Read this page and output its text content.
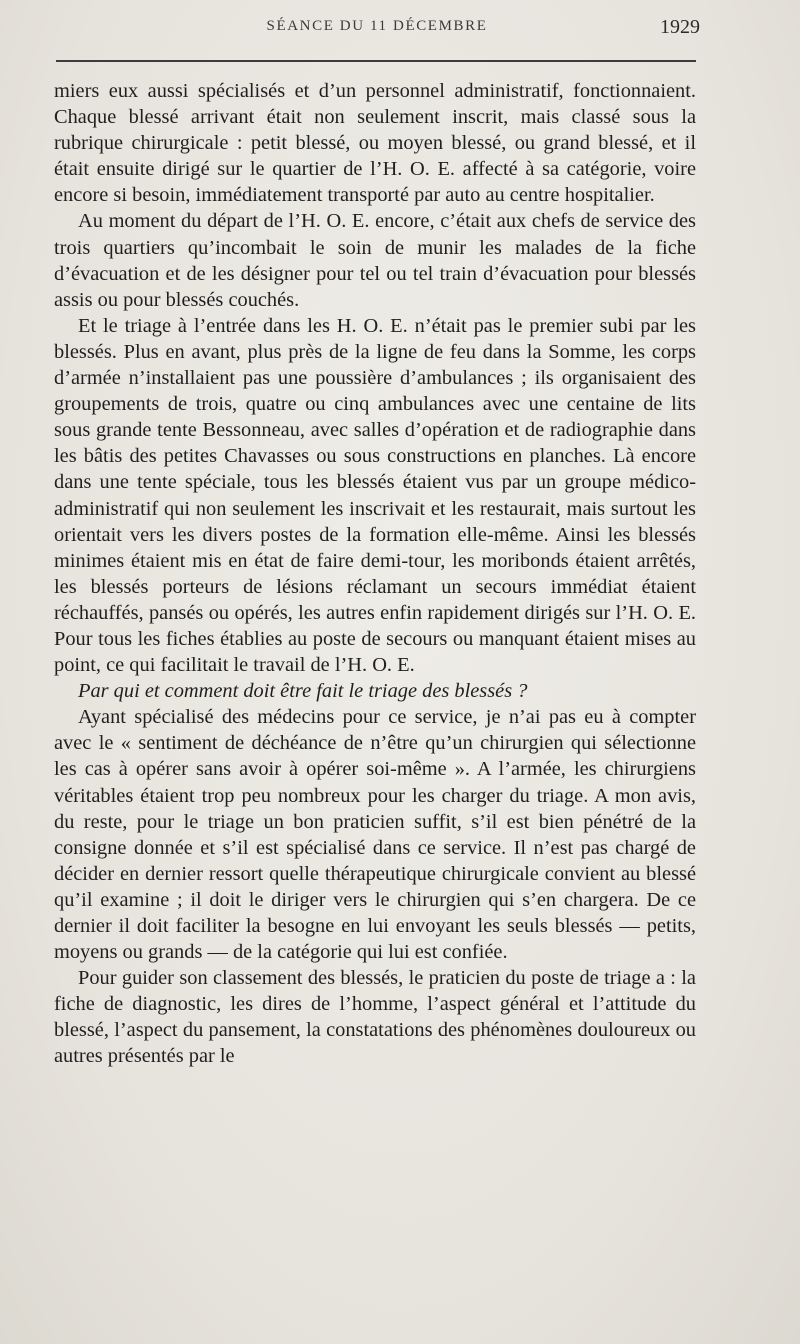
SÉANCE DU 11 DÉCEMBRE	1929

miers eux aussi spécialisés et d’un personnel administratif, fonctionnaient. Chaque blessé arrivant était non seulement inscrit, mais classé sous la rubrique chirurgicale : petit blessé, ou moyen blessé, ou grand blessé, et il était ensuite dirigé sur le quartier de l’H. O. E. affecté à sa catégorie, voire encore si besoin, immédiatement transporté par auto au centre hospitalier.

Au moment du départ de l’H. O. E. encore, c’était aux chefs de service des trois quartiers qu’incombait le soin de munir les malades de la fiche d’évacuation et de les désigner pour tel ou tel train d’évacuation pour blessés assis ou pour blessés couchés.

Et le triage à l’entrée dans les H. O. E. n’était pas le premier subi par les blessés. Plus en avant, plus près de la ligne de feu dans la Somme, les corps d’armée n’installaient pas une poussière d’ambulances ; ils organisaient des groupements de trois, quatre ou cinq ambulances avec une centaine de lits sous grande tente Bessonneau, avec salles d’opération et de radiographie dans les bâtis des petites Chavasses ou sous constructions en planches. Là encore dans une tente spéciale, tous les blessés étaient vus par un groupe médico-administratif qui non seulement les inscrivait et les restaurait, mais surtout les orientait vers les divers postes de la formation elle-même. Ainsi les blessés minimes étaient mis en état de faire demi-tour, les moribonds étaient arrêtés, les blessés porteurs de lésions réclamant un secours immédiat étaient réchauffés, pansés ou opérés, les autres enfin rapidement dirigés sur l’H. O. E. Pour tous les fiches établies au poste de secours ou manquant étaient mises au point, ce qui facilitait le travail de l’H. O. E.

Par qui et comment doit être fait le triage des blessés ?

Ayant spécialisé des médecins pour ce service, je n’ai pas eu à compter avec le « sentiment de déchéance de n’être qu’un chirurgien qui sélectionne les cas à opérer sans avoir à opérer soi-même ». A l’armée, les chirurgiens véritables étaient trop peu nombreux pour les charger du triage. A mon avis, du reste, pour le triage un bon praticien suffit, s’il est bien pénétré de la consigne donnée et s’il est spécialisé dans ce service. Il n’est pas chargé de décider en dernier ressort quelle thérapeutique chirurgicale convient au blessé qu’il examine ; il doit le diriger vers le chirurgien qui s’en chargera. De ce dernier il doit faciliter la besogne en lui envoyant les seuls blessés — petits, moyens ou grands — de la catégorie qui lui est confiée.

Pour guider son classement des blessés, le praticien du poste de triage a : la fiche de diagnostic, les dires de l’homme, l’aspect général et l’attitude du blessé, l’aspect du pansement, la constatations des phénomènes douloureux ou autres présentés par le
